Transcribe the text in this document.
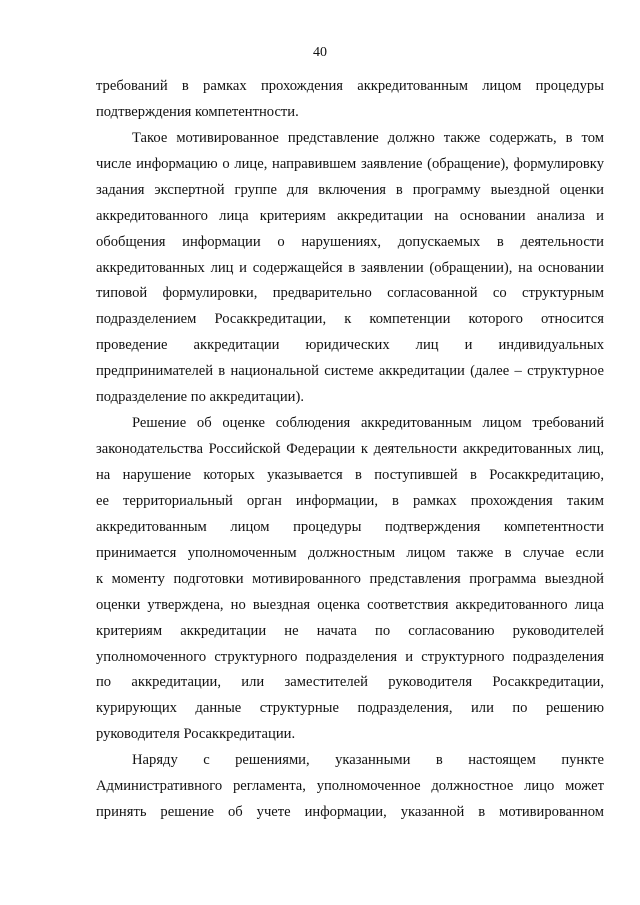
40
требований в рамках прохождения аккредитованным лицом процедуры
подтверждения компетентности.
Такое мотивированное представление должно также содержать, в том
числе информацию о лице, направившем заявление (обращение), формулировку
задания экспертной группе для включения в программу выездной оценки
аккредитованного лица критериям аккредитации на основании анализа и
обобщения информации о нарушениях, допускаемых в деятельности
аккредитованных лиц и содержащейся в заявлении (обращении), на основании
типовой формулировки, предварительно согласованной со структурным
подразделением Росаккредитации, к компетенции которого относится
проведение аккредитации юридических лиц и индивидуальных
предпринимателей в национальной системе аккредитации (далее – структурное
подразделение по аккредитации).
Решение об оценке соблюдения аккредитованным лицом требований
законодательства Российской Федерации к деятельности аккредитованных лиц,
на нарушение которых указывается в поступившей в Росаккредитацию,
ее территориальный орган информации, в рамках прохождения таким
аккредитованным лицом процедуры подтверждения компетентности
принимается уполномоченным должностным лицом также в случае если
к моменту подготовки мотивированного представления программа выездной
оценки утверждена, но выездная оценка соответствия аккредитованного лица
критериям аккредитации не начата по согласованию руководителей
уполномоченного структурного подразделения и структурного подразделения
по аккредитации, или заместителей руководителя Росаккредитации,
курирующих данные структурные подразделения, или по решению
руководителя Росаккредитации.
Наряду с решениями, указанными в настоящем пункте
Административного регламента, уполномоченное должностное лицо может
принять решение об учете информации, указанной в мотивированном
